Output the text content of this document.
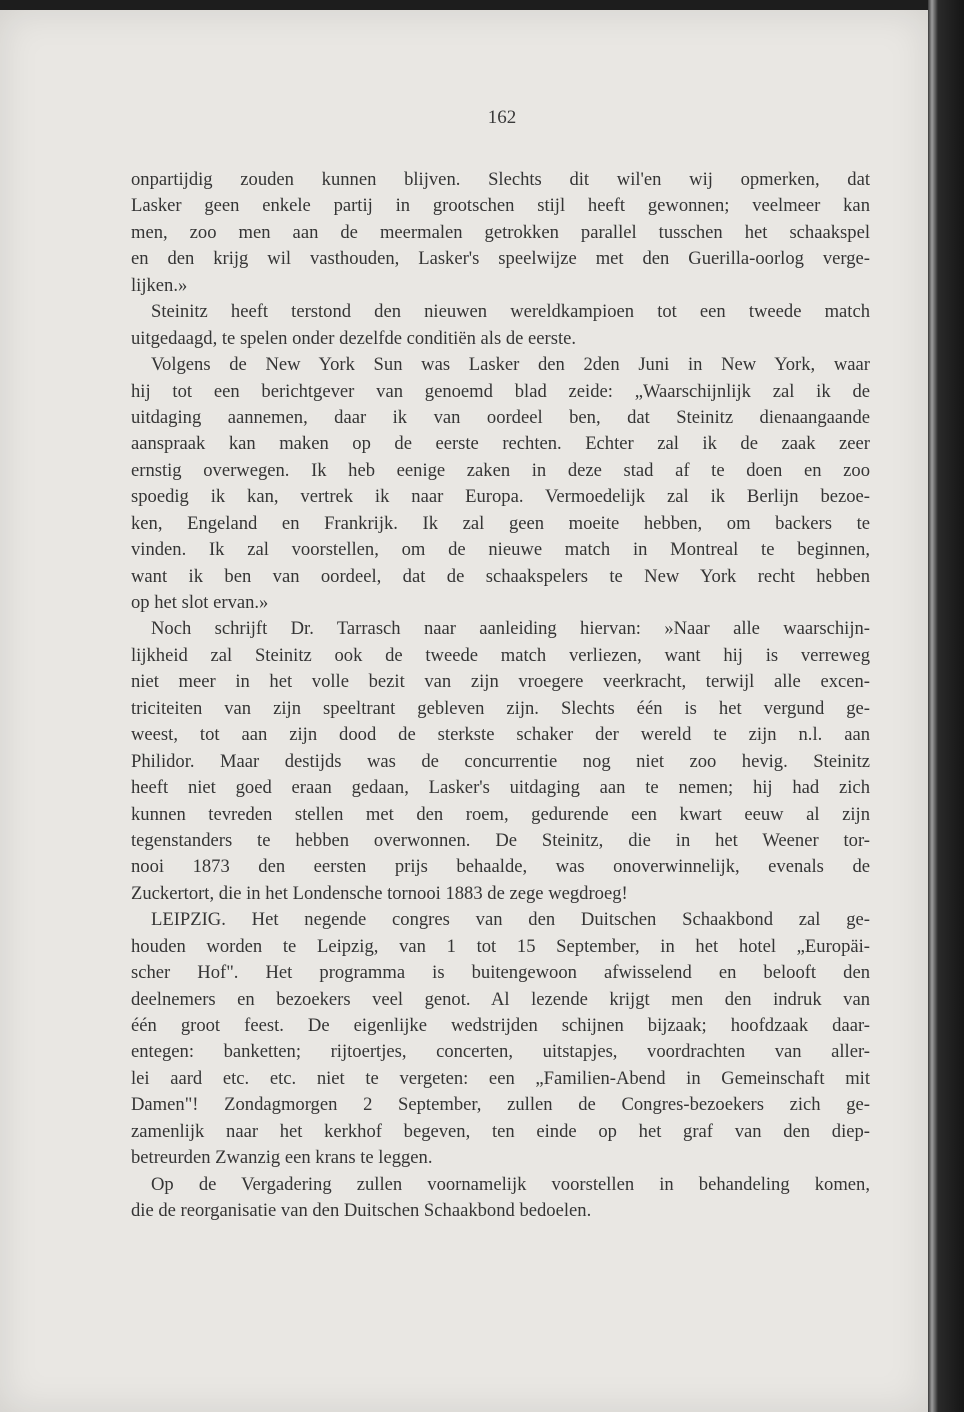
162

onpartijdig zouden kunnen blijven. Slechts dit wil'en wij opmerken, dat
Lasker geen enkele partij in grootschen stijl heeft gewonnen; veelmeer kan
men, zoo men aan de meermalen getrokken parallel tusschen het schaakspel
en den krijg wil vasthouden, Lasker's speelwijze met den Guerilla-oorlog verge-
lijken.»
Steinitz heeft terstond den nieuwen wereldkampioen tot een tweede match
uitgedaagd, te spelen onder dezelfde conditiën als de eerste.
Volgens de New York Sun was Lasker den 2den Juni in New York, waar
hij tot een berichtgever van genoemd blad zeide: „Waarschijnlijk zal ik de
uitdaging aannemen, daar ik van oordeel ben, dat Steinitz dienaangaande
aanspraak kan maken op de eerste rechten. Echter zal ik de zaak zeer
ernstig overwegen. Ik heb eenige zaken in deze stad af te doen en zoo
spoedig ik kan, vertrek ik naar Europa. Vermoedelijk zal ik Berlijn bezoe-
ken, Engeland en Frankrijk. Ik zal geen moeite hebben, om backers te
vinden. Ik zal voorstellen, om de nieuwe match in Montreal te beginnen,
want ik ben van oordeel, dat de schaakspelers te New York recht hebben
op het slot ervan.»
Noch schrijft Dr. Tarrasch naar aanleiding hiervan: »Naar alle waarschijn-
lijkheid zal Steinitz ook de tweede match verliezen, want hij is verreweg
niet meer in het volle bezit van zijn vroegere veerkracht, terwijl alle excen-
triciteiten van zijn speeltrant gebleven zijn. Slechts één is het vergund ge-
weest, tot aan zijn dood de sterkste schaker der wereld te zijn n.l. aan
Philidor. Maar destijds was de concurrentie nog niet zoo hevig. Steinitz
heeft niet goed eraan gedaan, Lasker's uitdaging aan te nemen; hij had zich
kunnen tevreden stellen met den roem, gedurende een kwart eeuw al zijn
tegenstanders te hebben overwonnen. De Steinitz, die in het Weener tor-
nooi 1873 den eersten prijs behaalde, was onoverwinnelijk, evenals de
Zuckertort, die in het Londensche tornooi 1883 de zege wegdroeg!
LEIPZIG. Het negende congres van den Duitschen Schaakbond zal ge-
houden worden te Leipzig, van 1 tot 15 September, in het hotel „Europäi-
scher Hof". Het programma is buitengewoon afwisselend en belooft den
deelnemers en bezoekers veel genot. Al lezende krijgt men den indruk van
één groot feest. De eigenlijke wedstrijden schijnen bijzaak; hoofdzaak daar-
entegen: banketten; rijtoertjes, concerten, uitstapjes, voordrachten van aller-
lei aard etc. etc. niet te vergeten: een „Familien-Abend in Gemeinschaft mit
Damen"! Zondagmorgen 2 September, zullen de Congres-bezoekers zich ge-
zamenlijk naar het kerkhof begeven, ten einde op het graf van den diep-
betreurden Zwanzig een krans te leggen.
Op de Vergadering zullen voornamelijk voorstellen in behandeling komen,
die de reorganisatie van den Duitschen Schaakbond bedoelen.
